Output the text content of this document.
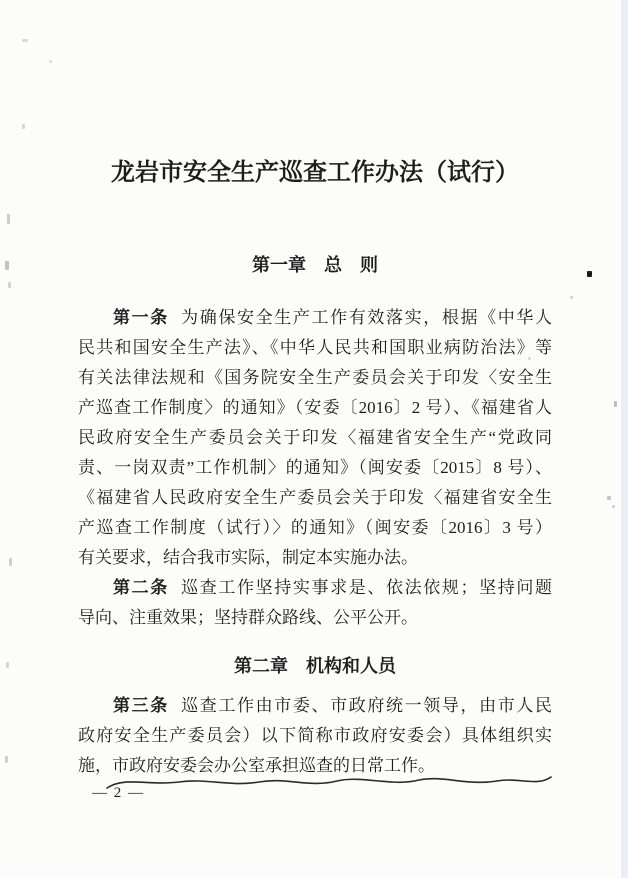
龙岩市安全生产巡查工作办法（试行）
第一章　总　则
第一条 为确保安全生产工作有效落实，根据《中华人
民共和国安全生产法》、《中华人民共和国职业病防治法》等
有关法律法规和《国务院安全生产委员会关于印发〈安全生
产巡查工作制度〉的通知》（安委〔2016〕2 号）、《福建省人
民政府安全生产委员会关于印发〈福建省安全生产“党政同
责、一岗双责”工作机制〉的通知》（闽安委〔2015〕8 号）、
《福建省人民政府安全生产委员会关于印发〈福建省安全生
产巡查工作制度（试行）〉的通知》（闽安委〔2016〕3 号）
有关要求，结合我市实际，制定本实施办法。
第二条 巡查工作坚持实事求是、依法依规；坚持问题
导向、注重效果；坚持群众路线、公平公开。
第二章　机构和人员
第三条 巡查工作由市委、市政府统一领导，由市人民
政府安全生产委员会）以下简称市政府安委会）具体组织实
施，市政府安委会办公室承担巡查的日常工作。
— 2 —
